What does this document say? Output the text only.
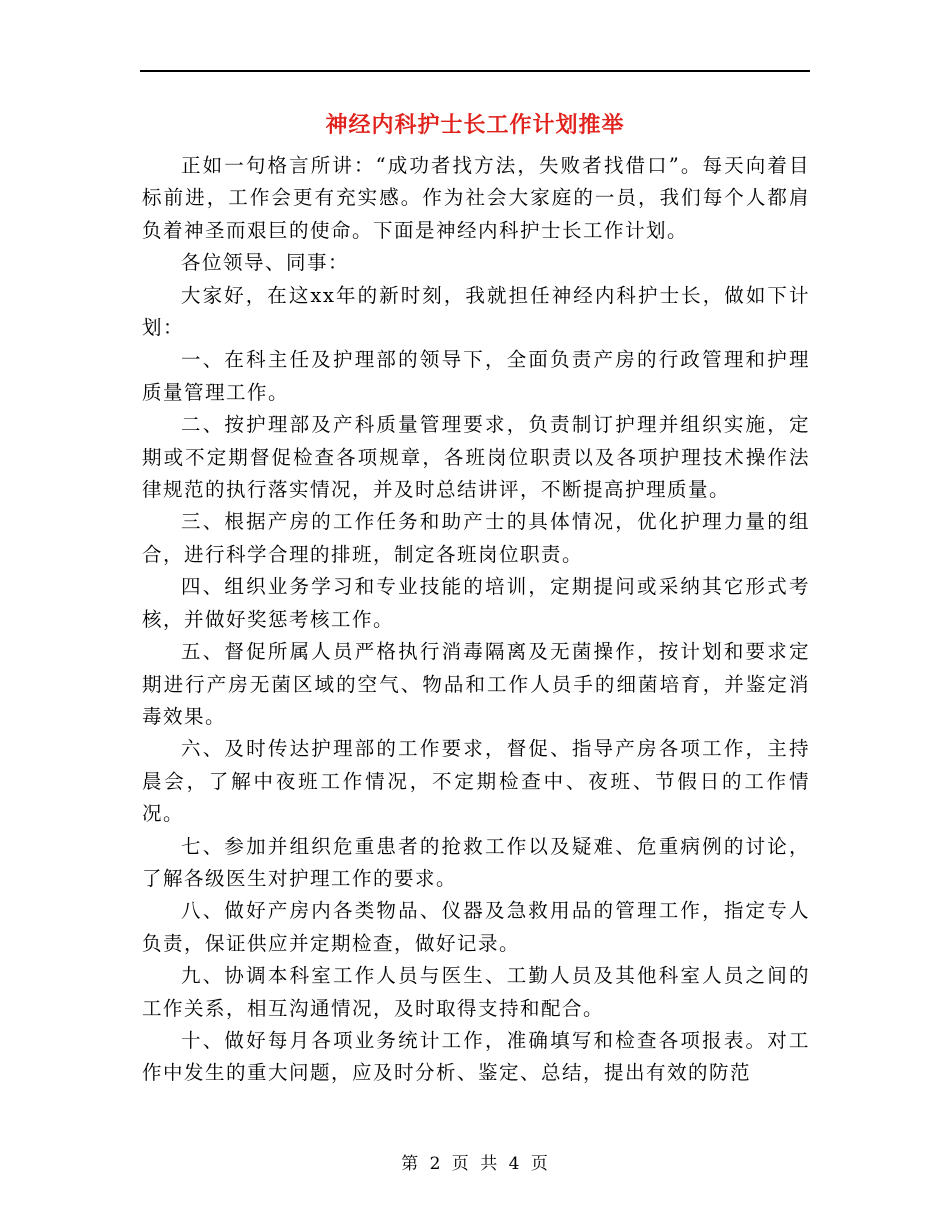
神经内科护士长工作计划推举

正如一句格言所讲：“成功者找方法，失败者找借口”。每天向着目标前进，工作会更有充实感。作为社会大家庭的一员，我们每个人都肩负着神圣而艰巨的使命。下面是神经内科护士长工作计划。

各位领导、同事：

大家好，在这xx年的新时刻，我就担任神经内科护士长，做如下计划：

一、在科主任及护理部的领导下，全面负责产房的行政管理和护理质量管理工作。

二、按护理部及产科质量管理要求，负责制订护理并组织实施，定期或不定期督促检查各项规章，各班岗位职责以及各项护理技术操作法律规范的执行落实情况，并及时总结讲评，不断提高护理质量。

三、根据产房的工作任务和助产士的具体情况，优化护理力量的组合，进行科学合理的排班，制定各班岗位职责。

四、组织业务学习和专业技能的培训，定期提问或采纳其它形式考核，并做好奖惩考核工作。

五、督促所属人员严格执行消毒隔离及无菌操作，按计划和要求定期进行产房无菌区域的空气、物品和工作人员手的细菌培育，并鉴定消毒效果。

六、及时传达护理部的工作要求，督促、指导产房各项工作，主持晨会，了解中夜班工作情况，不定期检查中、夜班、节假日的工作情况。

七、参加并组织危重患者的抢救工作以及疑难、危重病例的讨论，了解各级医生对护理工作的要求。

八、做好产房内各类物品、仪器及急救用品的管理工作，指定专人负责，保证供应并定期检查，做好记录。

九、协调本科室工作人员与医生、工勤人员及其他科室人员之间的工作关系，相互沟通情况，及时取得支持和配合。

十、做好每月各项业务统计工作，准确填写和检查各项报表。对工作中发生的重大问题，应及时分析、鉴定、总结，提出有效的防范

第 2 页 共 4 页
